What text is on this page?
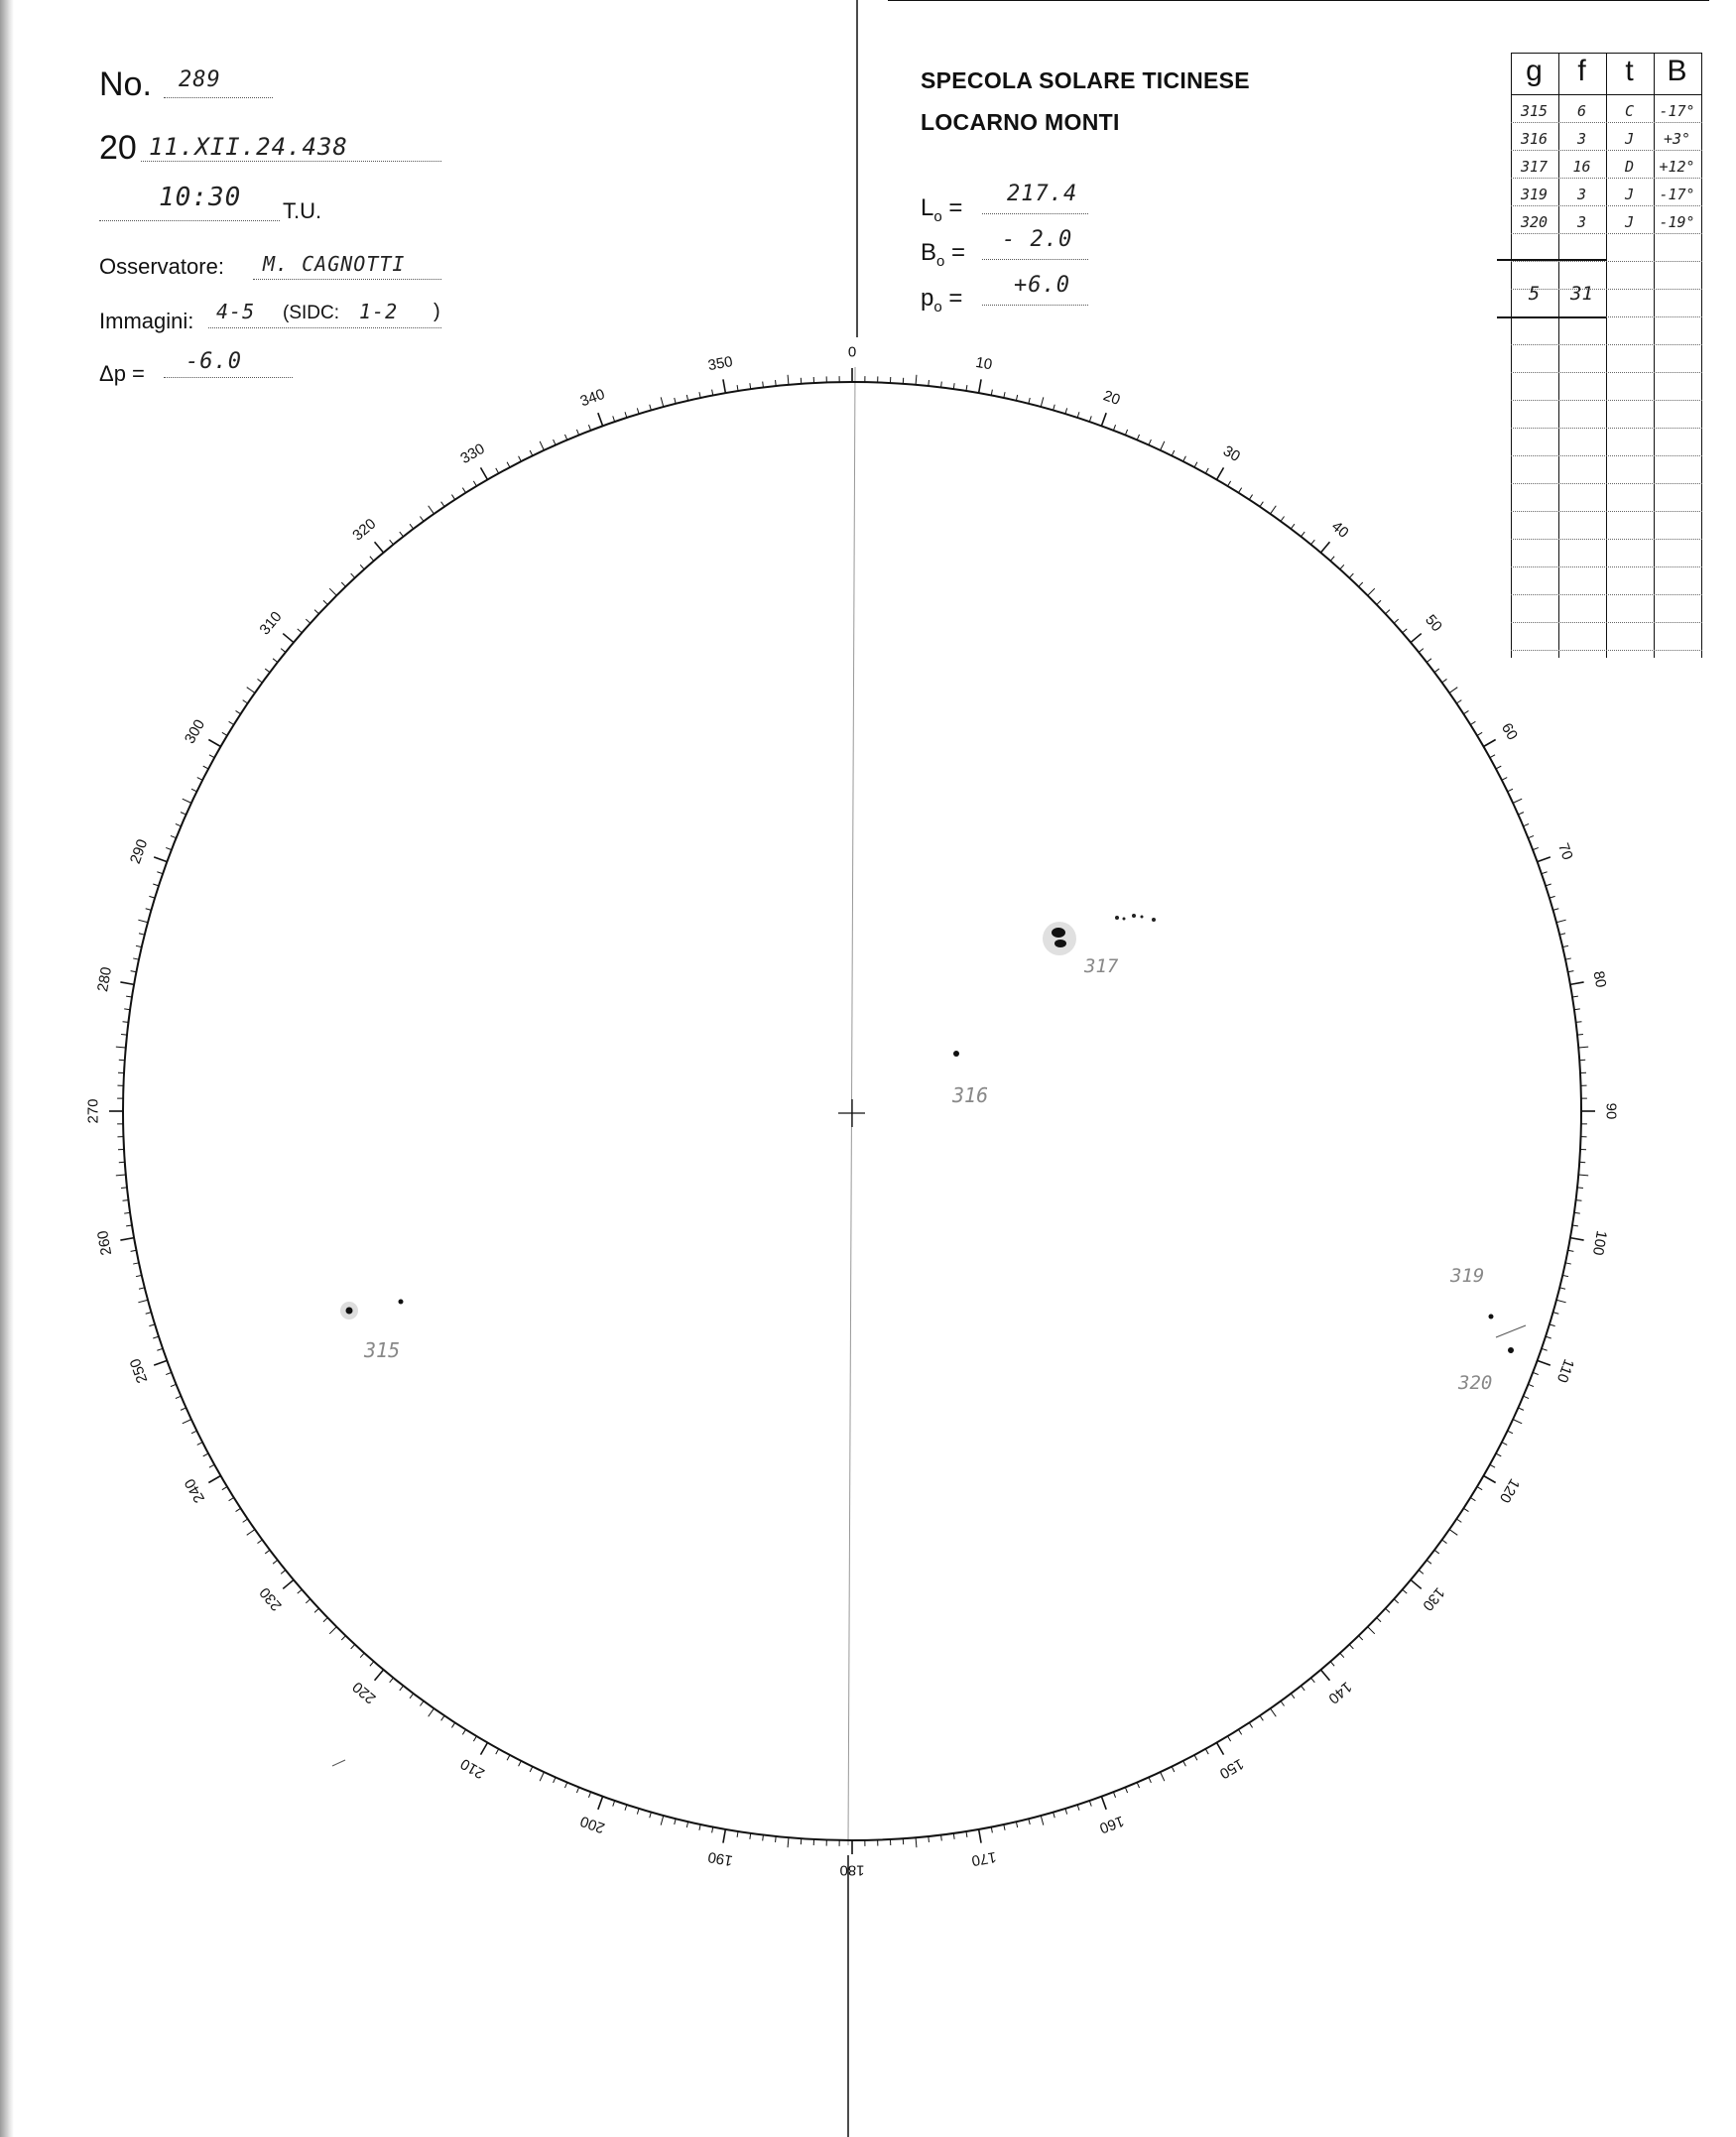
No. 289
20 11.XII.24.438
10:30 T.U.
Osservatore: M. CAGNOTTI
Immagini: 4-5 (SIDC: 1-2 )
Δp = -6.0
SPECOLA SOLARE TICINESE
LOCARNO MONTI
$L_o$ =
217.4
$B_o$ = - 2.0
$p_o = +6.0$
g	f	t	B
315	6	C	-17°
316	3	J	+3°
317	16	D	+12°
319	3	J	-17°
320	3	J	-19°
5	31
0
10
20
30
40
50
60
70
80
90
100
110
120
130
140
150
160
170
180
190
200
210
220
230
240
250
260
270
280
290
300
310
320
330
340
350
317
316
315
319
320
